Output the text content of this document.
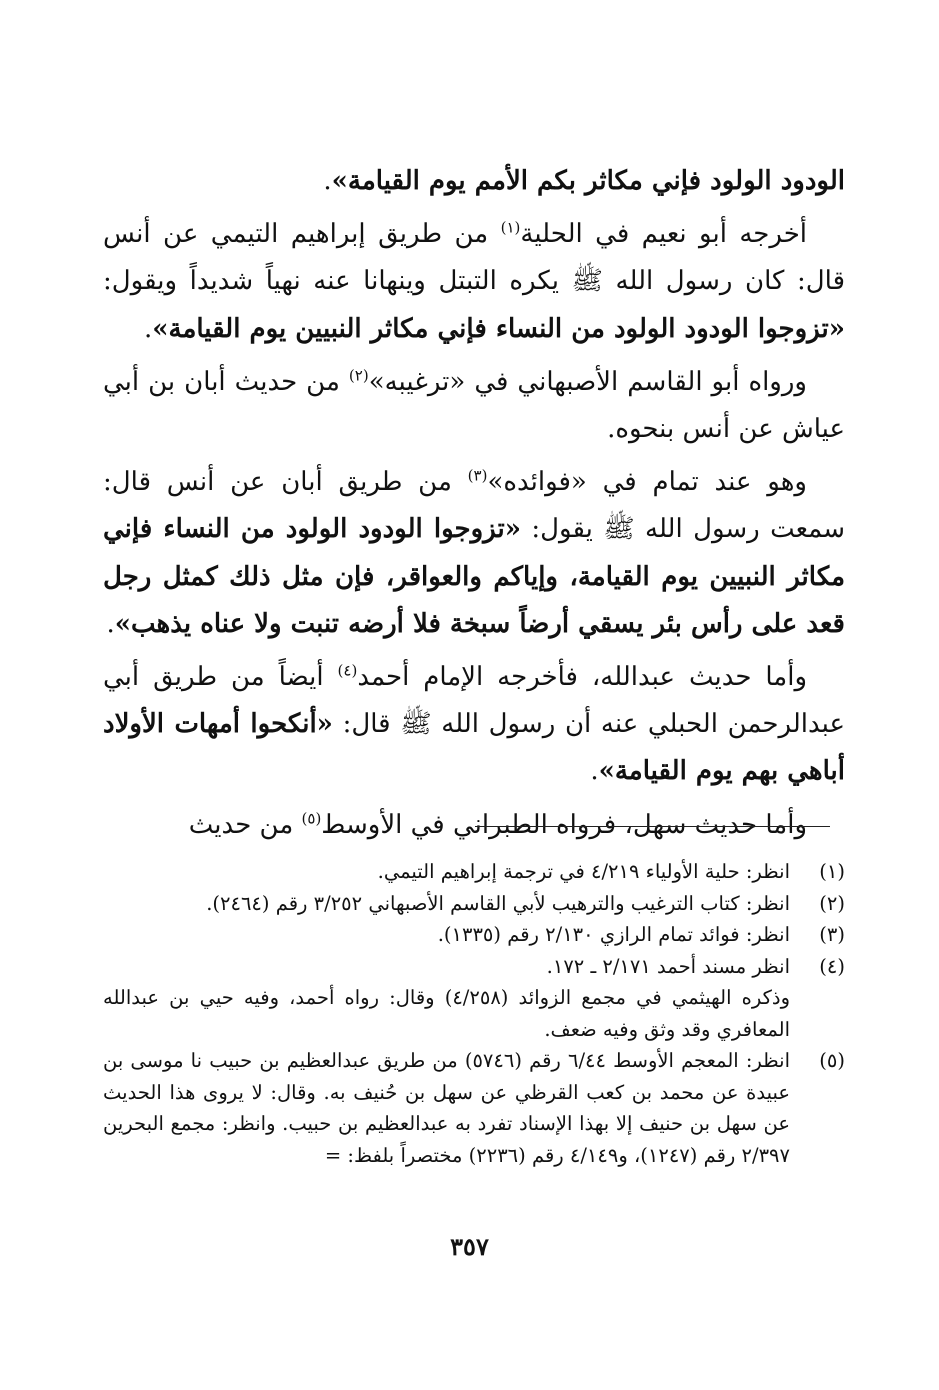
الودود الولود فإني مكاثر بكم الأمم يوم القيامة».

أخرجه أبو نعيم في الحلية$^{(١)}$ من طريق إبراهيم التيمي عن أنس قال: كان رسول الله ﷺ يكره التبتل وينهانا عنه نهياً شديداً ويقول: «تزوجوا الودود الولود من النساء فإني مكاثر النبيين يوم القيامة».

ورواه أبو القاسم الأصبهاني في «ترغيبه»$^{(٢)}$ من حديث أبان بن أبي عياش عن أنس بنحوه.

وهو عند تمام في «فوائده»$^{(٣)}$ من طريق أبان عن أنس قال: سمعت رسول الله ﷺ يقول: «تزوجوا الودود الولود من النساء فإني مكاثر النبيين يوم القيامة، وإياكم والعواقر، فإن مثل ذلك كمثل رجل قعد على رأس بئر يسقي أرضاً سبخة فلا أرضه تنبت ولا عناه يذهب».

وأما حديث عبدالله، فأخرجه الإمام أحمد$^{(٤)}$ أيضاً من طريق أبي عبدالرحمن الحبلي عنه أن رسول الله ﷺ قال: «أنكحوا أمهات الأولاد أباهي بهم يوم القيامة».

وأما حديث سهل، فرواه الطبراني في الأوسط$^{(٥)}$ من حديث

(١)
انظر: حلية الأولياء ٤/٢١٩ في ترجمة إبراهيم التيمي.
(٢)
انظر: كتاب الترغيب والترهيب لأبي القاسم الأصبهاني ٣/٢٥٢ رقم (٢٤٦٤).
(٣)
انظر: فوائد تمام الرازي ٢/١٣٠ رقم (١٣٣٥).
(٤)
انظر مسند أحمد ٢/١٧١ ـ ١٧٢.
وذكره الهيثمي في مجمع الزوائد (٤/٢٥٨) وقال: رواه أحمد، وفيه حيي بن عبدالله المعافري وقد وثق وفيه ضعف.
(٥)
انظر: المعجم الأوسط ٦/٤٤ رقم (٥٧٤٦) من طريق عبدالعظيم بن حبيب نا موسى بن عبيدة عن محمد بن كعب القرظي عن سهل بن حُنيف به. وقال: لا يروى هذا الحديث عن سهل بن حنيف إلا بهذا الإسناد تفرد به عبدالعظيم بن حبيب. وانظر: مجمع البحرين ٢/٣٩٧ رقم (١٢٤٧)، و٤/١٤٩ رقم (٢٢٣٦) مختصراً بلفظ: =
٣٥٧
